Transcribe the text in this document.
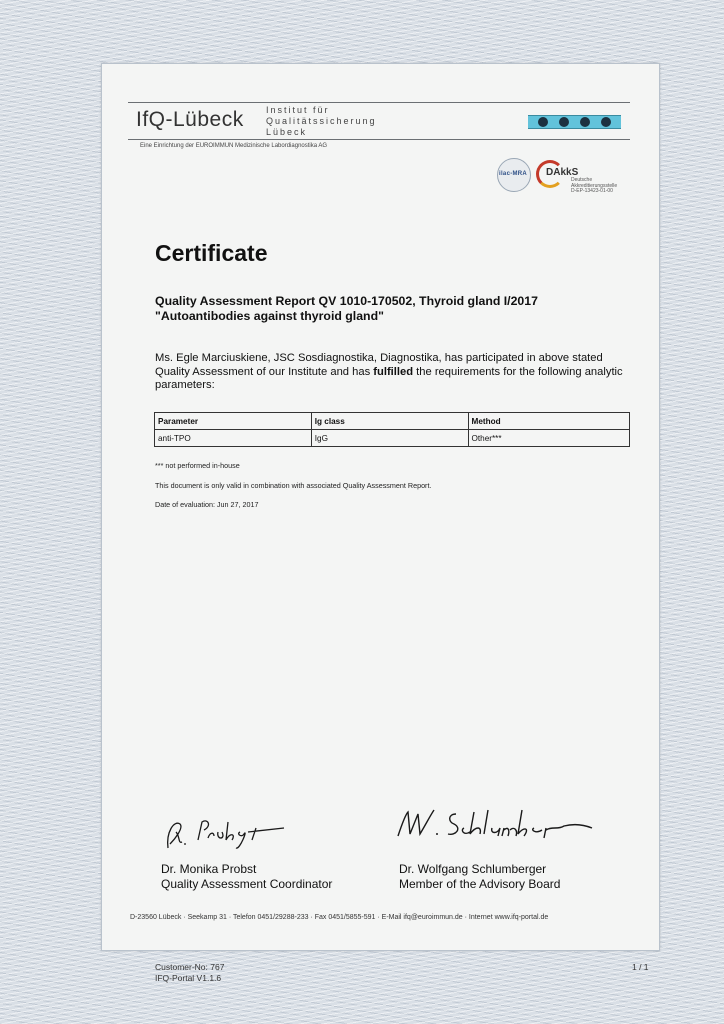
IfQ-Lübeck Institut für
Qualitätssicherung
Lübeck
Eine Einrichtung der EUROIMMUN Medizinische Labordiagnostika AG
ilac-MRA DAkkS
Deutsche
Akkreditierungsstelle
D-EP-13423-01-00
Certificate
Quality Assessment Report QV 1010-170502, Thyroid gland I/2017
"Autoantibodies against thyroid gland"

Ms. Egle Marciuskiene, JSC Sosdiagnostika, Diagnostika, has participated in above stated Quality Assessment of our Institute and has fulfilled the requirements for the following analytic parameters:

Parameter	Ig class	Method
anti-TPO	IgG	Other***
*** not performed in-house
This document is only valid in combination with associated Quality Assessment Report.
Date of evaluation: Jun 27, 2017
Dr. Monika Probst
Quality Assessment Coordinator
Dr. Wolfgang Schlumberger
Member of the Advisory Board
D-23560 Lübeck · Seekamp 31 · Telefon 0451/29288-233 · Fax 0451/5855-591 · E-Mail ifq@euroimmun.de · Internet www.ifq-portal.de
Customer-No: 767
IFQ-Portal V1.1.6
1 / 1
